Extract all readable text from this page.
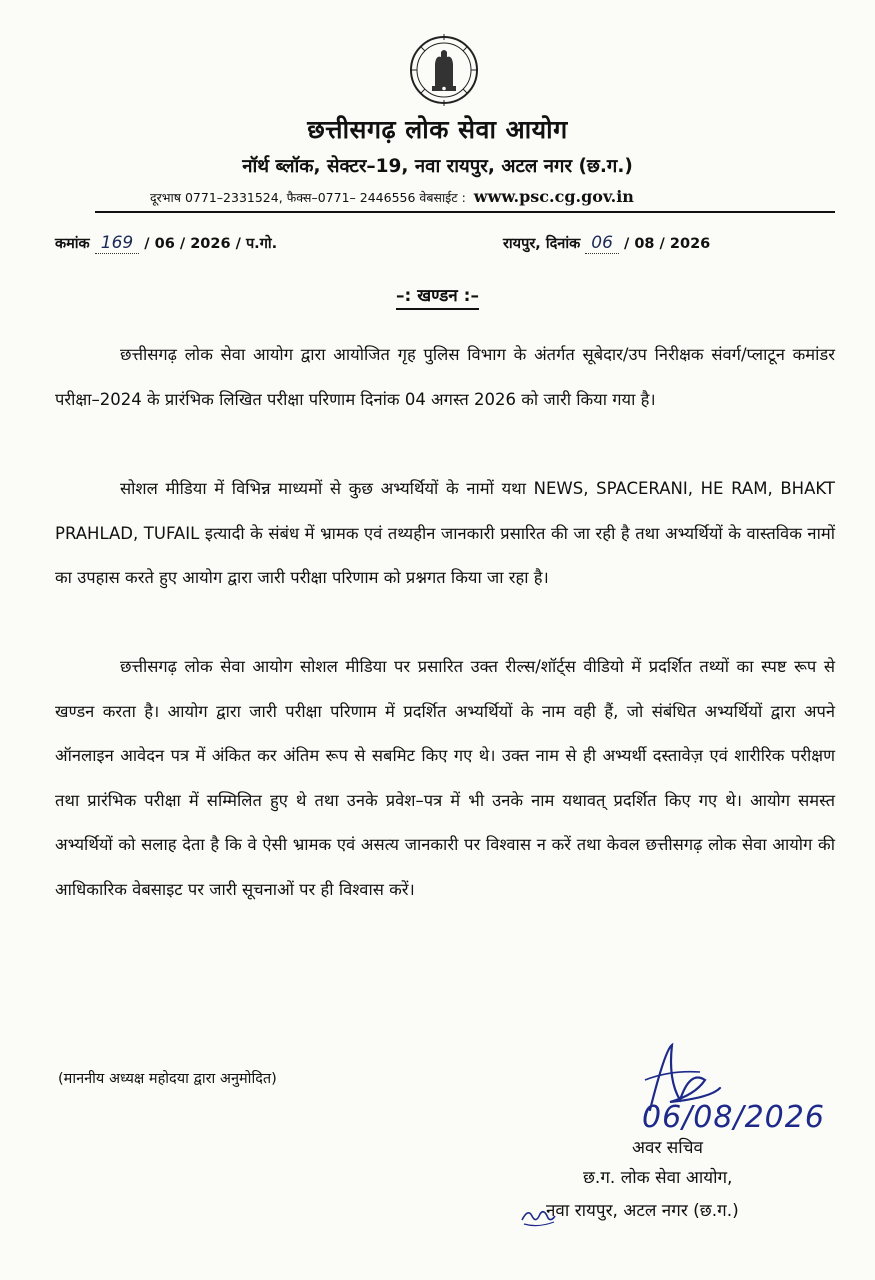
छत्तीसगढ़ लोक सेवा आयोग
नॉर्थ ब्लॉक, सेक्टर–19, नवा रायपुर, अटल नगर (छ.ग.)
दूरभाष 0771–2331524, फैक्स–0771– 2446556 वेबसाईट : www.psc.cg.gov.in
कमांक 169 / 06 / 2026 / प.गो.	रायपुर, दिनांक 06 / 08 / 2026
–: खण्डन :–

छत्तीसगढ़ लोक सेवा आयोग द्वारा आयोजित गृह पुलिस विभाग के अंतर्गत सूबेदार/उप निरीक्षक संवर्ग/प्लाटून कमांडर परीक्षा–2024 के प्रारंभिक लिखित परीक्षा परिणाम दिनांक 04 अगस्त 2026 को जारी किया गया है।

सोशल मीडिया में विभिन्न माध्यमों से कुछ अभ्यर्थियों के नामों यथा NEWS, SPACERANI, HE RAM, BHAKT PRAHLAD, TUFAIL इत्यादी के संबंध में भ्रामक एवं तथ्यहीन जानकारी प्रसारित की जा रही है तथा अभ्यर्थियों के वास्तविक नामों का उपहास करते हुए आयोग द्वारा जारी परीक्षा परिणाम को प्रश्नगत किया जा रहा है।

छत्तीसगढ़ लोक सेवा आयोग सोशल मीडिया पर प्रसारित उक्त रील्स/शॉर्ट्स वीडियो में प्रदर्शित तथ्यों का स्पष्ट रूप से खण्डन करता है। आयोग द्वारा जारी परीक्षा परिणाम में प्रदर्शित अभ्यर्थियों के नाम वही हैं, जो संबंधित अभ्यर्थियों द्वारा अपने ऑनलाइन आवेदन पत्र में अंकित कर अंतिम रूप से सबमिट किए गए थे। उक्त नाम से ही अभ्यर्थी दस्तावेज़ एवं शारीरिक परीक्षण तथा प्रारंभिक परीक्षा में सम्मिलित हुए थे तथा उनके प्रवेश–पत्र में भी उनके नाम यथावत् प्रदर्शित किए गए थे। आयोग समस्त अभ्यर्थियों को सलाह देता है कि वे ऐसी भ्रामक एवं असत्य जानकारी पर विश्वास न करें तथा केवल छत्तीसगढ़ लोक सेवा आयोग की आधिकारिक वेबसाइट पर जारी सूचनाओं पर ही विश्वास करें।

(माननीय अध्यक्ष महोदया द्वारा अनुमोदित)
06/08/2026
अवर सचिव
छ.ग. लोक सेवा आयोग,
नवा रायपुर, अटल नगर (छ.ग.)
